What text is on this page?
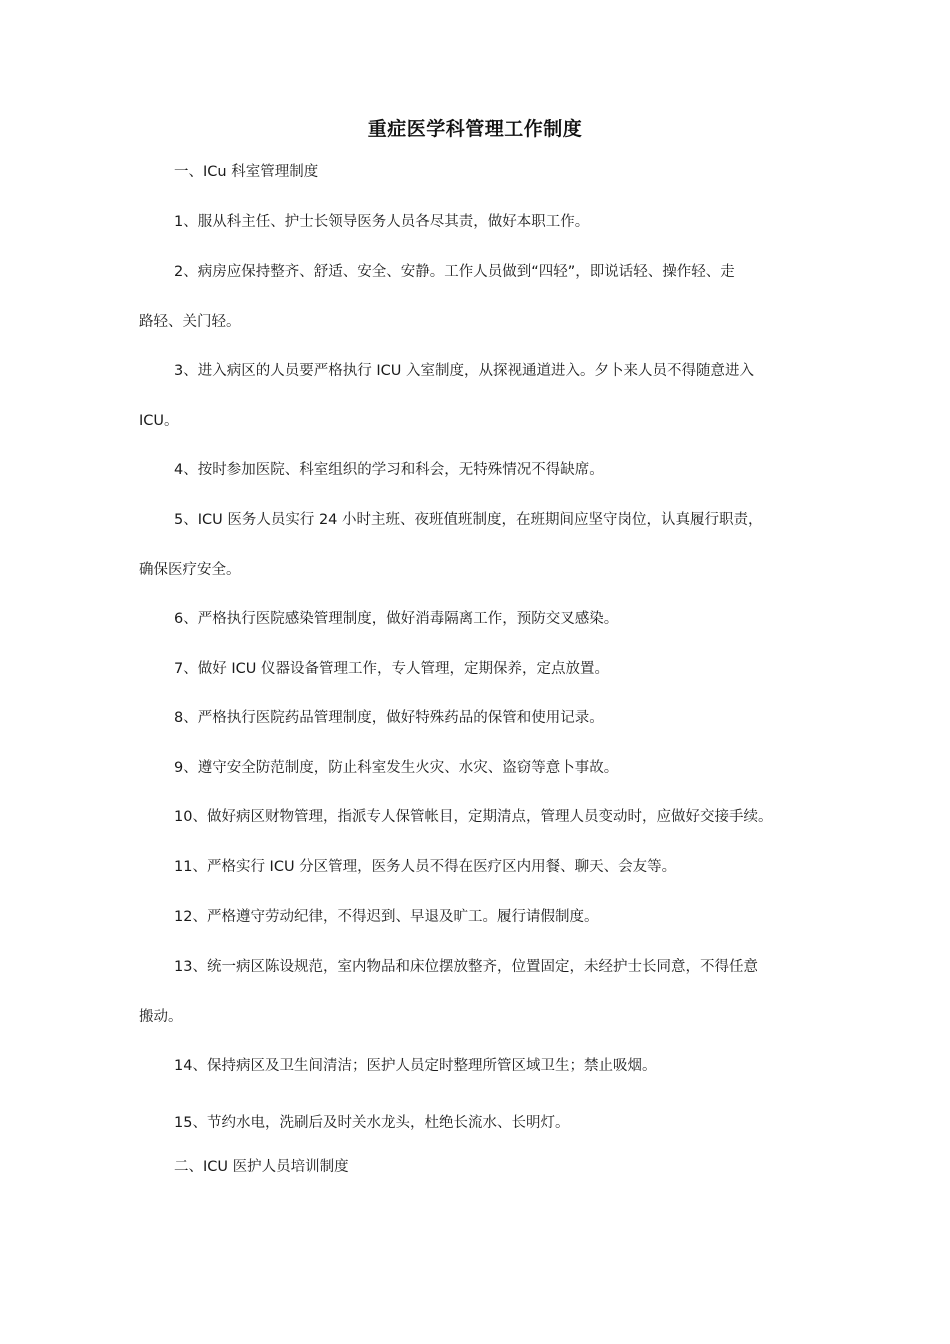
重症医学科管理工作制度
一、ICu 科室管理制度
1、服从科主任、护士长领导医务人员各尽其责，做好本职工作。
2、病房应保持整齐、舒适、安全、安静。工作人员做到“四轻”，即说话轻、操作轻、走
路轻、关门轻。
3、进入病区的人员要严格执行 ICU 入室制度，从探视通道进入。夕卜来人员不得随意进入
ICU。
4、按时参加医院、科室组织的学习和科会，无特殊情况不得缺席。
5、ICU 医务人员实行 24 小时主班、夜班值班制度，在班期间应坚守岗位，认真履行职责，
确保医疗安全。
6、严格执行医院感染管理制度，做好消毒隔离工作，预防交叉感染。
7、做好 ICU 仪器设备管理工作，专人管理，定期保养，定点放置。
8、严格执行医院药品管理制度，做好特殊药品的保管和使用记录。
9、遵守安全防范制度，防止科室发生火灾、水灾、盗窃等意卜事故。
10、做好病区财物管理，指派专人保管帐目，定期清点，管理人员变动时，应做好交接手续。
11、严格实行 ICU 分区管理，医务人员不得在医疗区内用餐、聊天、会友等。
12、严格遵守劳动纪律，不得迟到、早退及旷工。履行请假制度。
13、统一病区陈设规范，室内物品和床位摆放整齐，位置固定，未经护士长同意，不得任意
搬动。
14、保持病区及卫生间清洁；医护人员定时整理所管区域卫生；禁止吸烟。
15、节约水电，洗刷后及时关水龙头，杜绝长流水、长明灯。
二、ICU 医护人员培训制度
